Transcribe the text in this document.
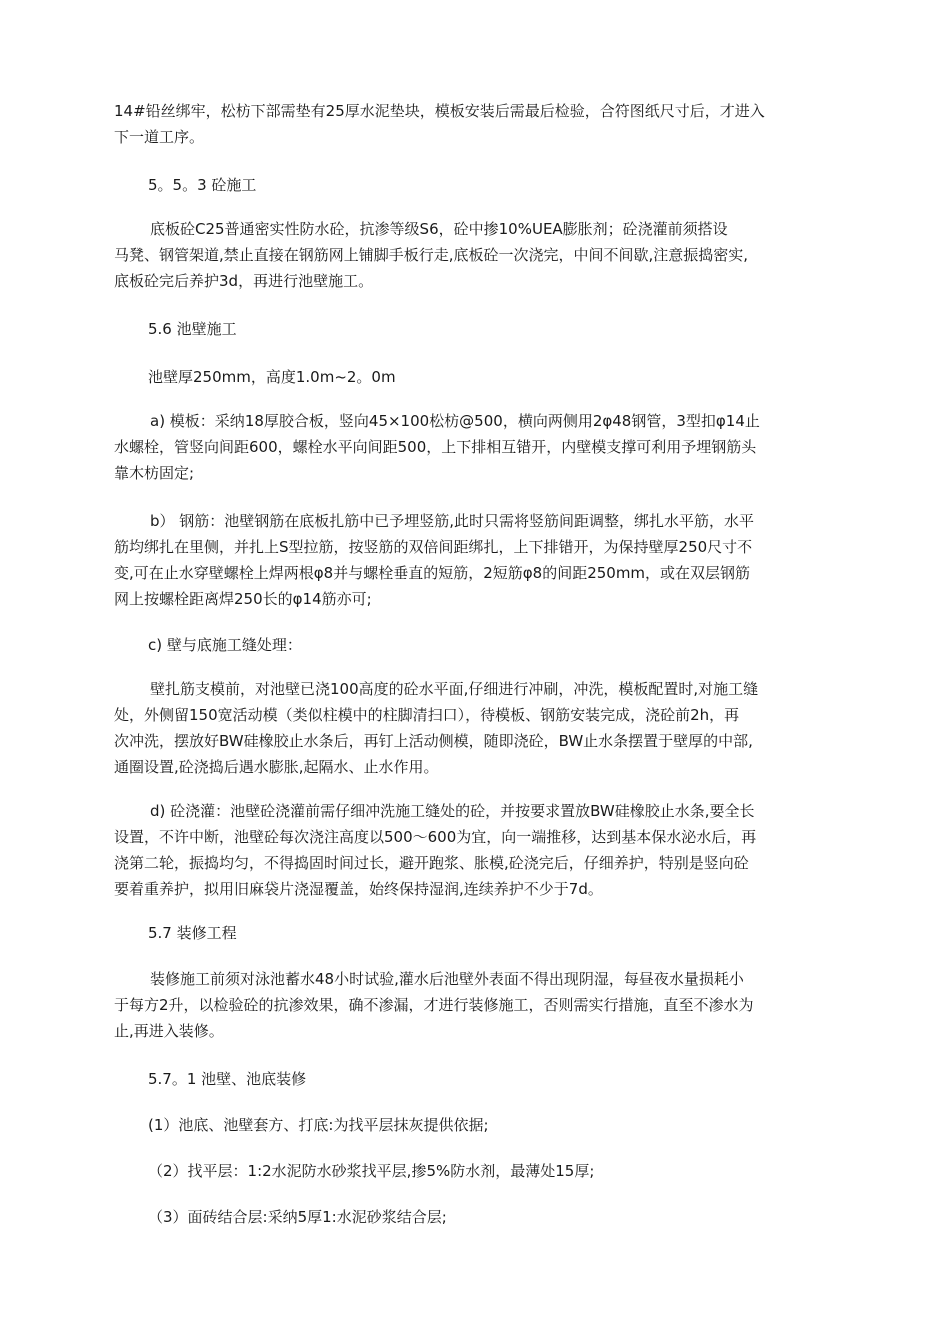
14#铅丝绑牢，松枋下部需垫有25厚水泥垫块，模板安装后需最后检验，合符图纸尺寸后，才进入
下一道工序。
5。5。3 砼施工
底板砼C25普通密实性防水砼，抗渗等级S6，砼中掺10%UEA膨胀剂；砼浇灌前须搭设
马凳、钢管架道,禁止直接在钢筋网上铺脚手板行走,底板砼一次浇完，中间不间歇,注意振捣密实,
底板砼完后养护3d，再进行池壁施工。
5.6 池壁施工
池壁厚250mm，高度1.0m~2。0m
a) 模板：采纳18厚胶合板，竖向45×100松枋@500，横向两侧用2φ48钢管，3型扣φ14止
水螺栓，管竖向间距600，螺栓水平向间距500，上下排相互错开，内壁模支撑可利用予埋钢筋头
靠木枋固定;
b） 钢筋：池壁钢筋在底板扎筋中已予埋竖筋,此时只需将竖筋间距调整，绑扎水平筋，水平
筋均绑扎在里侧，并扎上S型拉筋，按竖筋的双倍间距绑扎，上下排错开，为保持壁厚250尺寸不
变,可在止水穿壁螺栓上焊两根φ8并与螺栓垂直的短筋，2短筋φ8的间距250mm，或在双层钢筋
网上按螺栓距离焊250长的φ14筋亦可;
c) 壁与底施工缝处理：
壁扎筋支模前，对池壁已浇100高度的砼水平面,仔细进行冲刷，冲洗，模板配置时,对施工缝
处，外侧留150宽活动模（类似柱模中的柱脚清扫口），待模板、钢筋安装完成，浇砼前2h，再
次冲洗，摆放好BW硅橡胶止水条后，再钉上活动侧模，随即浇砼，BW止水条摆置于壁厚的中部,
通圈设置,砼浇捣后遇水膨胀,起隔水、止水作用。
d) 砼浇灌：池壁砼浇灌前需仔细冲洗施工缝处的砼，并按要求置放BW硅橡胶止水条,要全长
设置，不许中断，池壁砼每次浇注高度以500～600为宜，向一端推移，达到基本保水泌水后，再
浇第二轮，振捣均匀，不得捣固时间过长，避开跑浆、胀模,砼浇完后，仔细养护，特别是竖向砼
要着重养护，拟用旧麻袋片浇湿覆盖，始终保持湿润,连续养护不少于7d。
5.7 装修工程
装修施工前须对泳池蓄水48小时试验,灌水后池壁外表面不得出现阴湿，每昼夜水量损耗小
于每方2升，以检验砼的抗渗效果，确不渗漏，才进行装修施工，否则需实行措施，直至不渗水为
止,再进入装修。
5.7。1 池壁、池底装修
(1）池底、池壁套方、打底:为找平层抹灰提供依据;
（2）找平层：1:2水泥防水砂浆找平层,掺5%防水剂，最薄处15厚;
（3）面砖结合层:采纳5厚1:水泥砂浆结合层;
